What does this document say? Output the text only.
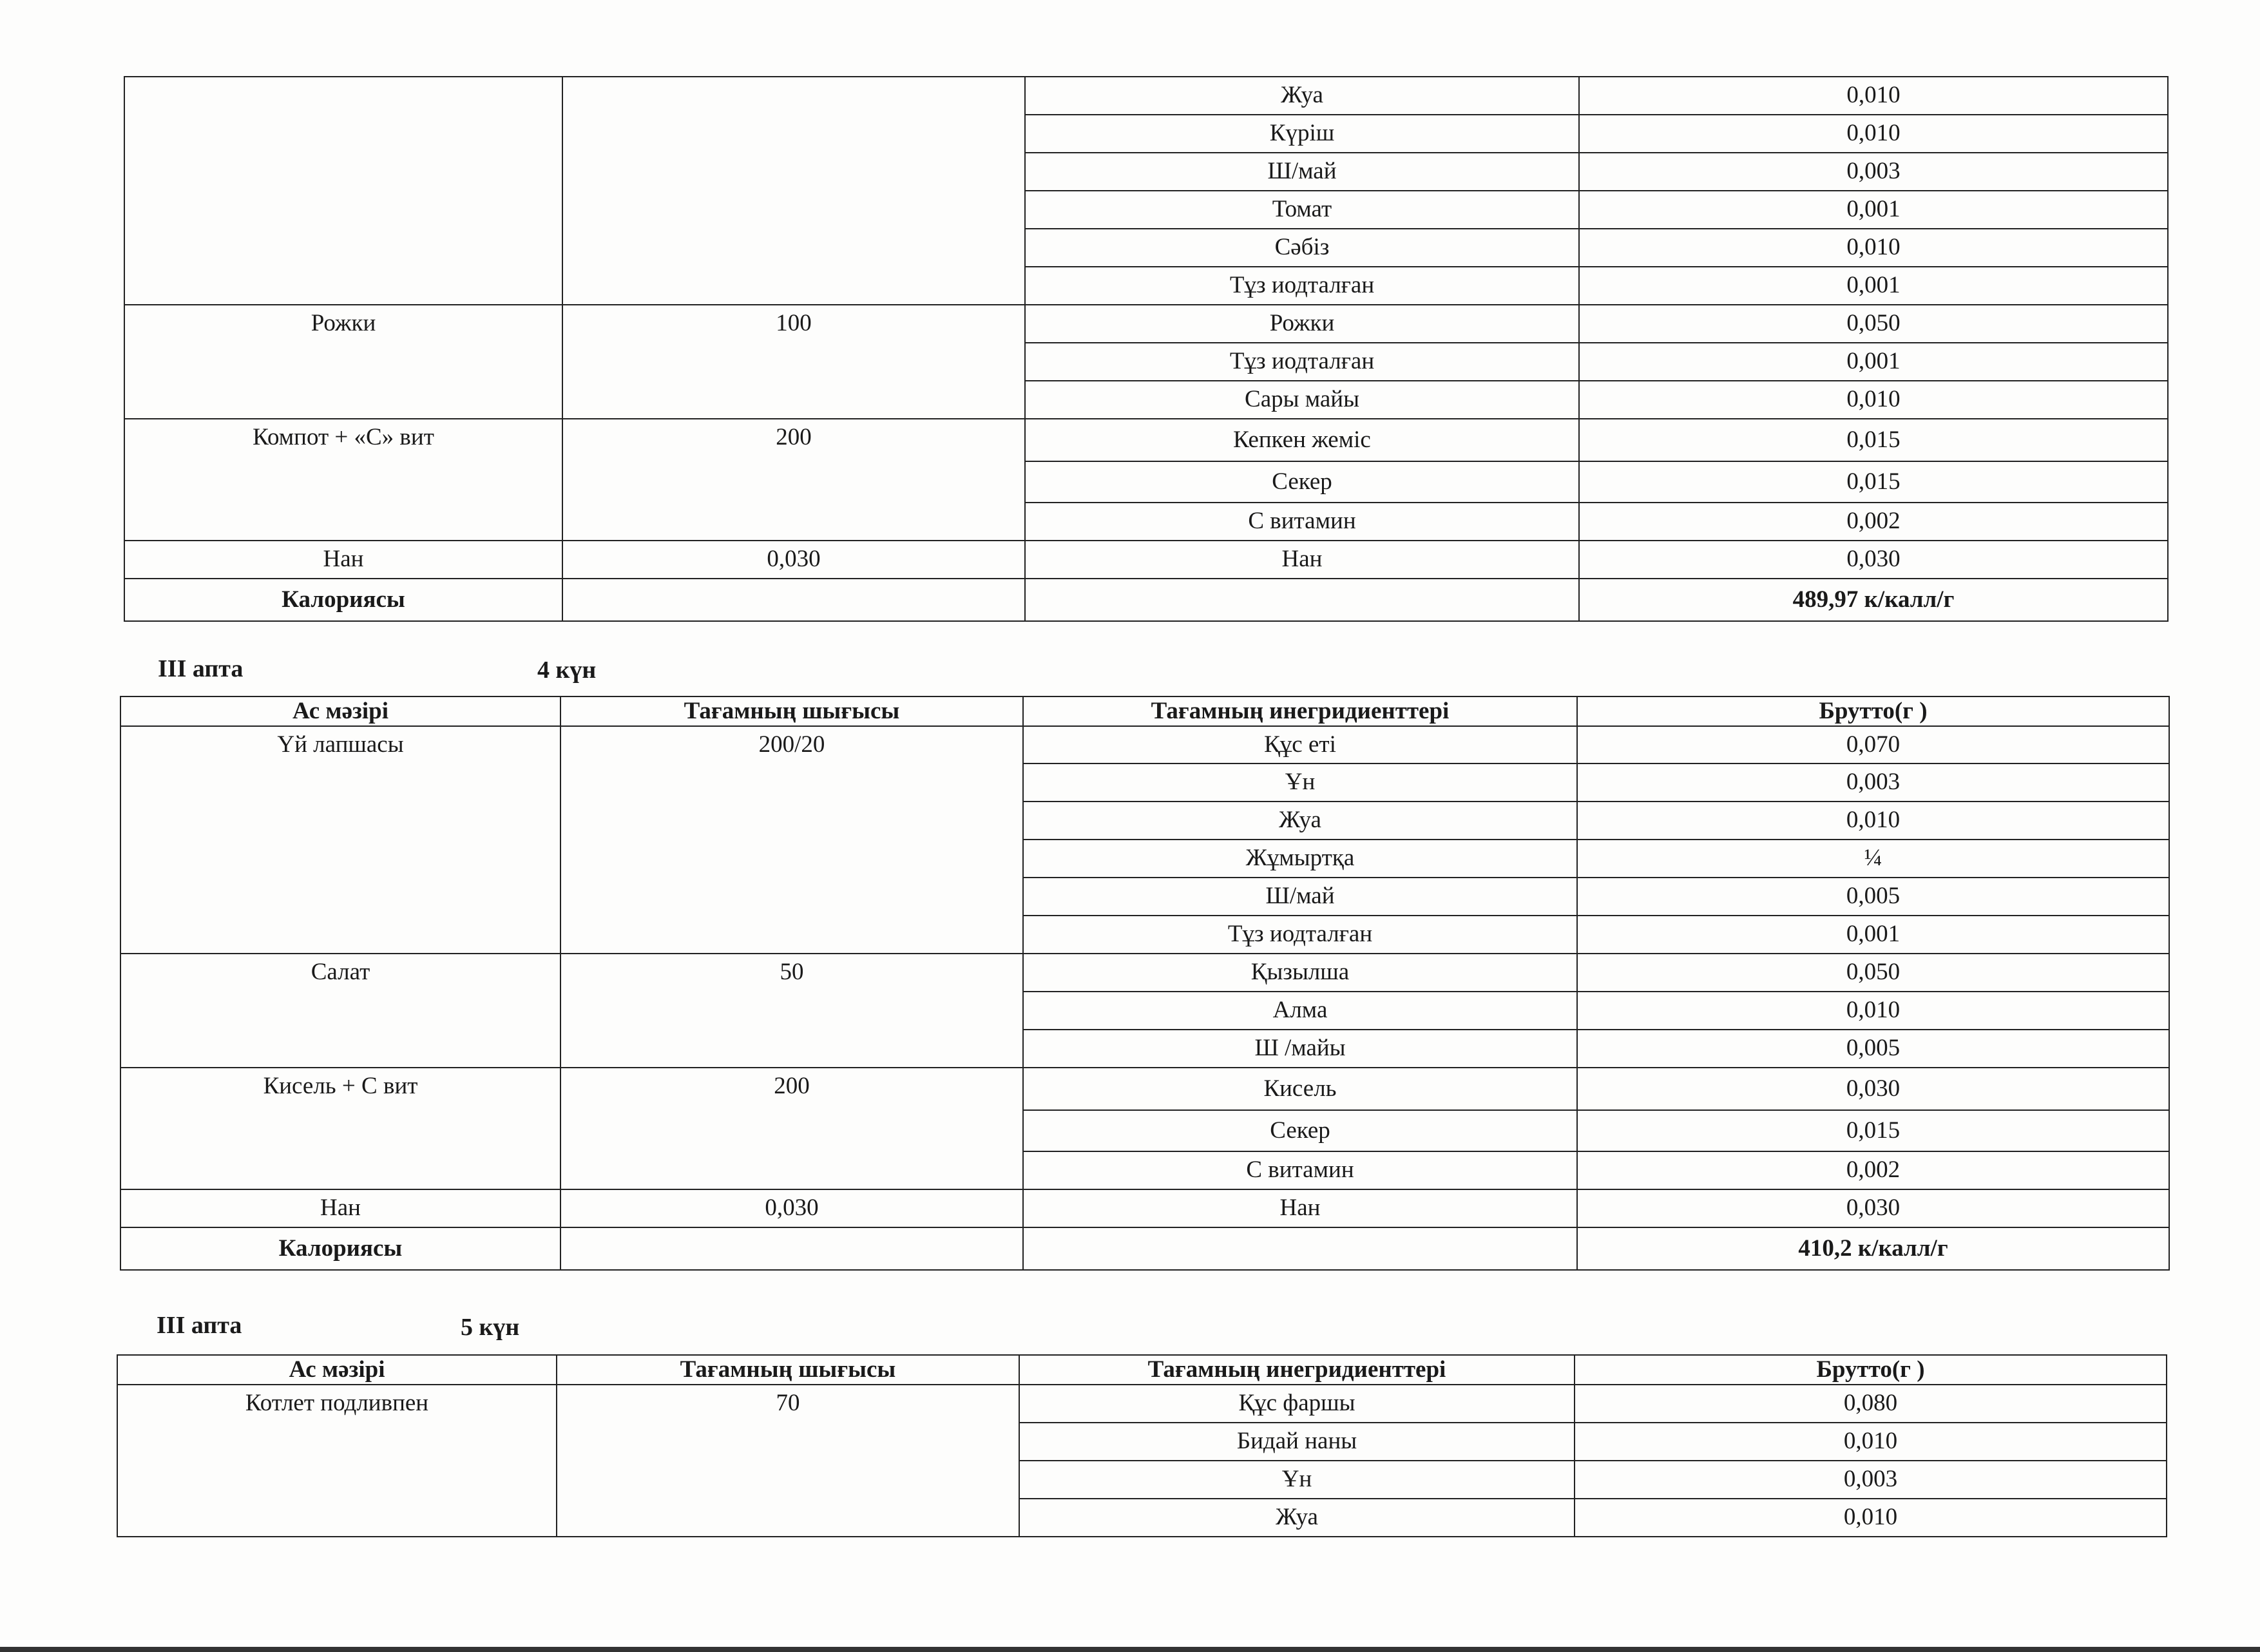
		Жуа	0,010
		Күріш	0,010
		Ш/май	0,003
		Томат	0,001
		Сәбіз	0,010
		Тұз иодталған	0,001
Рожки	100	Рожки	0,050
		Тұз иодталған	0,001
		Сары майы	0,010
Компот + «С» вит	200	Кепкен жеміс	0,015
		Секер	0,015
		С витамин	0,002
Нан	0,030	Нан	0,030
Калориясы			489,97 к/калл/г
III апта	4 күн
Ас мәзірі	Тағамның шығысы	Тағамның инегридиенттері	Брутто(г )
Үй лапшасы	200/20	Құс еті	0,070
		Ұн	0,003
		Жуа	0,010
		Жұмыртқа	¼
		Ш/май	0,005
		Тұз иодталған	0,001
Салат	50	Қызылша	0,050
		Алма	0,010
		Ш /майы	0,005
Кисель + С вит	200	Кисель	0,030
		Секер	0,015
		С витамин	0,002
Нан	0,030	Нан	0,030
Калориясы			410,2 к/калл/г
III апта	5 күн
Ас мәзірі	Тағамның шығысы	Тағамның инегридиенттері	Брутто(г )
Котлет подливпен	70	Құс фаршы	0,080
		Бидай наны	0,010
		Ұн	0,003
		Жуа	0,010
